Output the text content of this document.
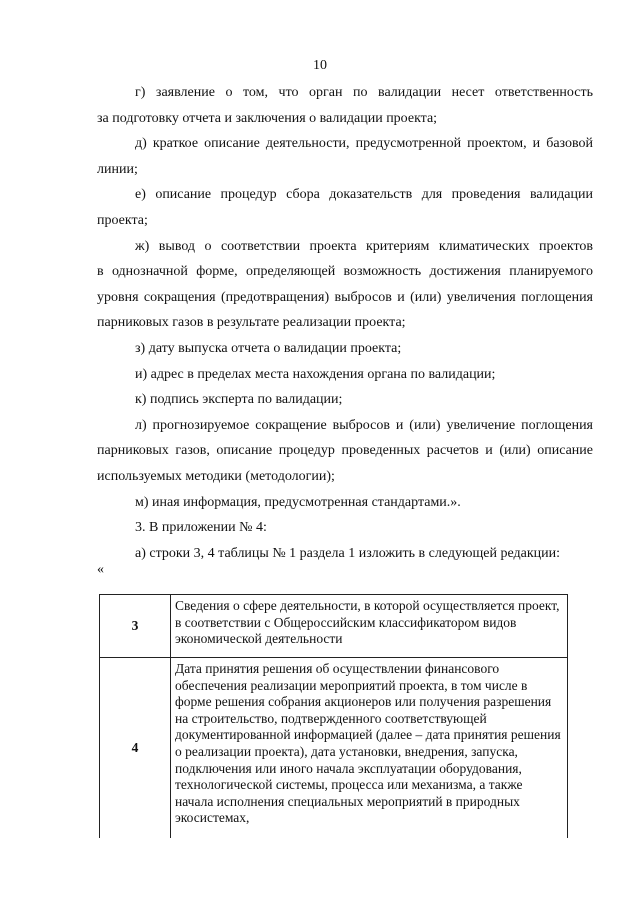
10

г) заявление о том, что орган по валидации несет ответственность
за подготовку отчета и заключения о валидации проекта;

д) краткое описание деятельности, предусмотренной проектом, и базовой
линии;

е) описание процедур сбора доказательств для проведения валидации
проекта;

ж) вывод о соответствии проекта критериям климатических проектов
в однозначной форме, определяющей возможность достижения планируемого уровня сокращения (предотвращения) выбросов и (или) увеличения поглощения парниковых газов в результате реализации проекта;

з) дату выпуска отчета о валидации проекта;

и) адрес в пределах места нахождения органа по валидации;

к) подпись эксперта по валидации;

л) прогнозируемое сокращение выбросов и (или) увеличение поглощения
парниковых газов, описание процедур проведенных расчетов и (или) описание используемых методики (методологии);

м) иная информация, предусмотренная стандартами.».

3. В приложении № 4:

а) строки 3, 4 таблицы № 1 раздела 1 изложить в следующей редакции:

«
3	Сведения о сфере деятельности, в которой осуществляется проект, в соответствии с Общероссийским классификатором видов экономической деятельности
4	Дата принятия решения об осуществлении финансового обеспечения реализации мероприятий проекта, в том числе в форме решения собрания акционеров или получения разрешения на строительство, подтвержденного соответствующей документированной информацией (далее – дата принятия решения о реализации проекта), дата установки, внедрения, запуска, подключения или иного начала эксплуатации оборудования, технологической системы, процесса или механизма, а также начала исполнения специальных мероприятий в природных экосистемах,
